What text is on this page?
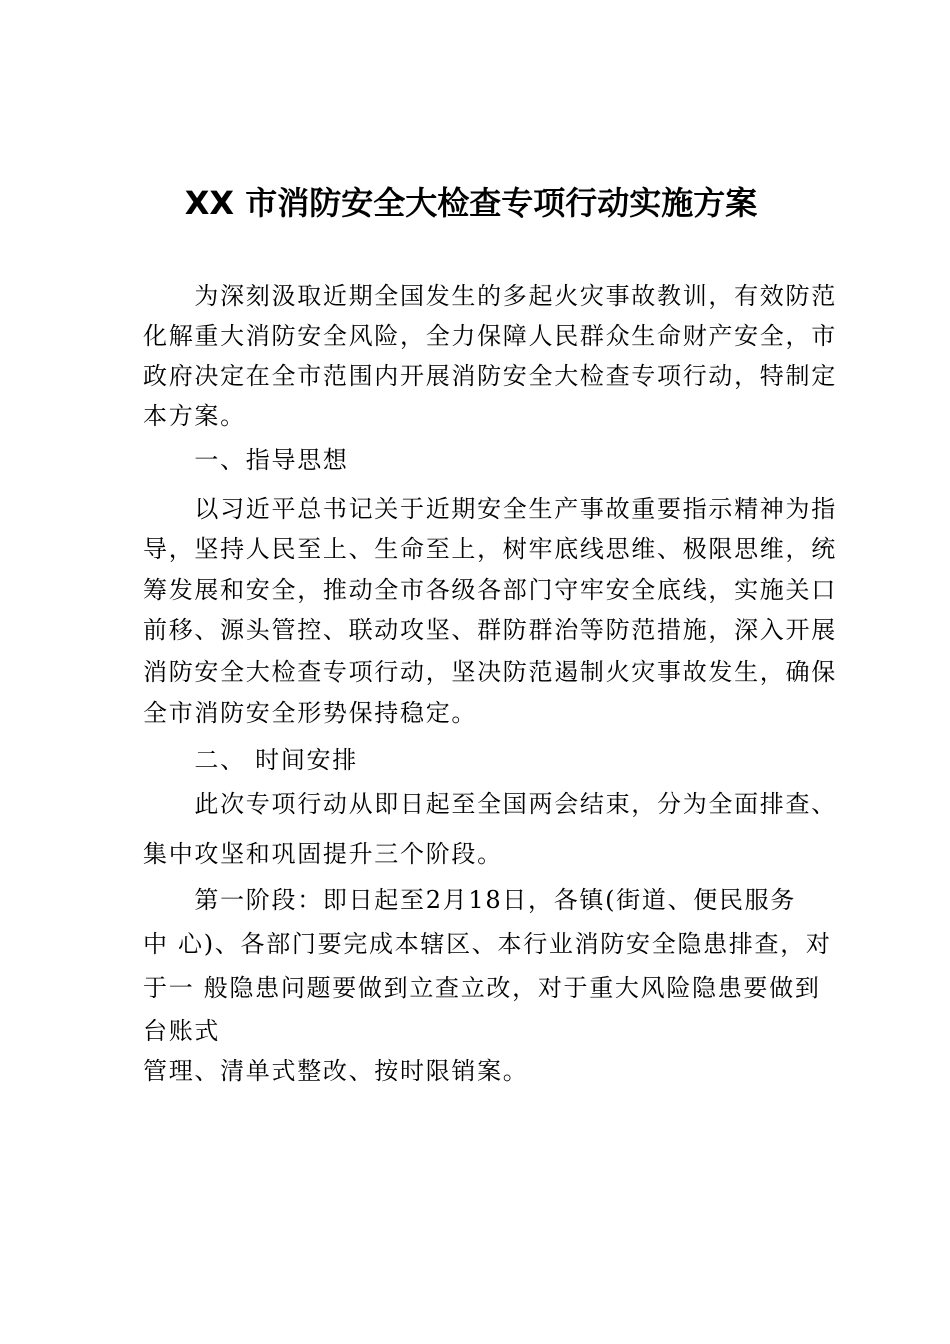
XX 市消防安全大检查专项行动实施方案
　　为深刻汲取近期全国发生的多起火灾事故教训，有效防范
化解重大消防安全风险，全力保障人民群众生命财产安全，市
政府决定在全市范围内开展消防安全大检查专项行动，特制定
本方案。
　　一、指导思想
　　以习近平总书记关于近期安全生产事故重要指示精神为指
导，坚持人民至上、生命至上，树牢底线思维、极限思维，统
筹发展和安全，推动全市各级各部门守牢安全底线，实施关口
前移、源头管控、联动攻坚、群防群治等防范措施，深入开展
消防安全大检查专项行动，坚决防范遏制火灾事故发生，确保
全市消防安全形势保持稳定。
　　二、 时间安排
　　此次专项行动从即日起至全国两会结束，分为全面排查、
集中攻坚和巩固提升三个阶段。
　　第一阶段：即日起至2月18日，各镇(街道、便民服务
中 心)、各部门要完成本辖区、本行业消防安全隐患排查，对
于一 般隐患问题要做到立查立改，对于重大风险隐患要做到
台账式
管理、清单式整改、按时限销案。
